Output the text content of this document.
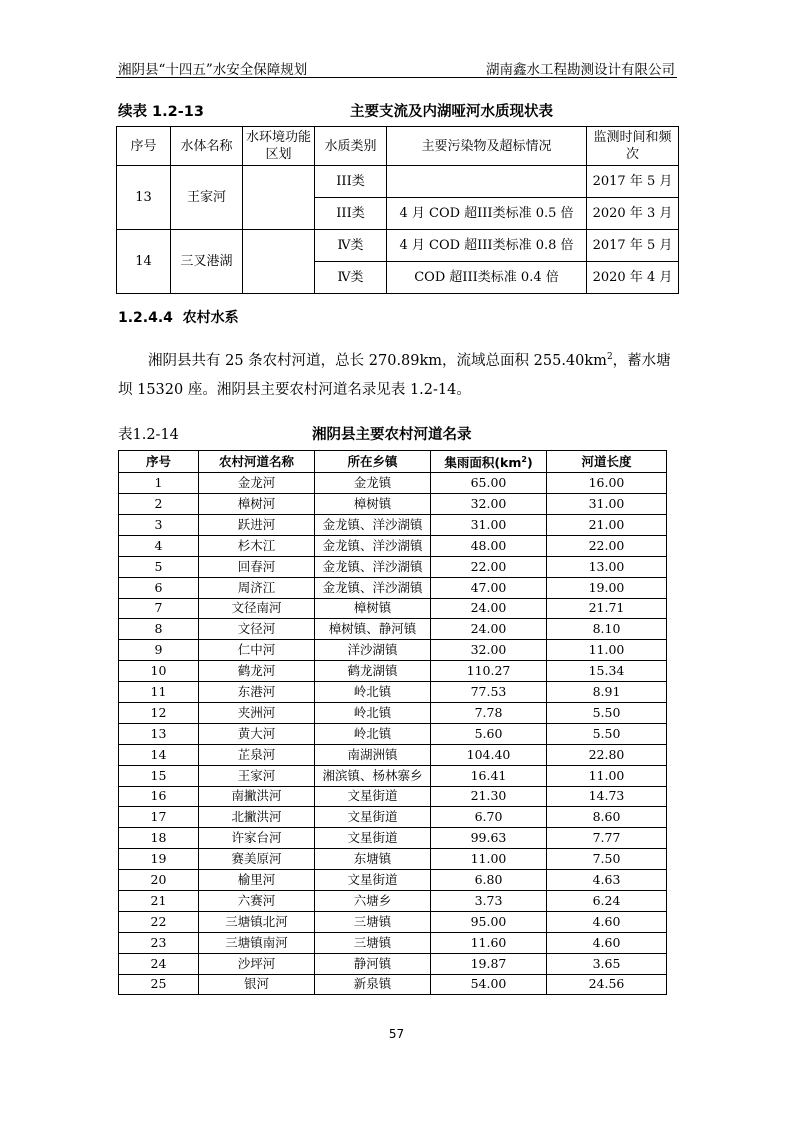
湘阴县“十四五”水安全保障规划	湖南鑫水工程勘测设计有限公司
续表 1.2-13	主要支流及内湖哑河水质现状表
序号	水体名称	水环境功能区划	水质类别	主要污染物及超标情况	监测时间和频次
13	王家河		III类		2017 年 5 月
			III类	4 月 COD 超III类标准 0.5 倍	2020 年 3 月
14	三叉港湖		Ⅳ类	4 月 COD 超III类标准 0.8 倍	2017 年 5 月
			Ⅳ类	COD 超III类标准 0.4 倍	2020 年 4 月
1.2.4.4 农村水系
湘阴县共有 25 条农村河道，总长 270.89km，流域总面积 $255.40km^2$，蓄水塘坝 15320 座。湘阴县主要农村河道名录见表 1.2-14。
表1.2-14	湘阴县主要农村河道名录
序号	农村河道名称	所在乡镇	集雨面积$(km^2)$	河道长度
1	金龙河	金龙镇	65.00	16.00
2	樟树河	樟树镇	32.00	31.00
3	跃进河	金龙镇、洋沙湖镇	31.00	21.00
4	杉木江	金龙镇、洋沙湖镇	48.00	22.00
5	回春河	金龙镇、洋沙湖镇	22.00	13.00
6	周济江	金龙镇、洋沙湖镇	47.00	19.00
7	文径南河	樟树镇	24.00	21.71
8	文径河	樟树镇、静河镇	24.00	8.10
9	仁中河	洋沙湖镇	32.00	11.00
10	鹤龙河	鹤龙湖镇	110.27	15.34
11	东港河	岭北镇	77.53	8.91
12	夹洲河	岭北镇	7.78	5.50
13	黄大河	岭北镇	5.60	5.50
14	芷泉河	南湖洲镇	104.40	22.80
15	王家河	湘滨镇、杨林寨乡	16.41	11.00
16	南撇洪河	文星街道	21.30	14.73
17	北撇洪河	文星街道	6.70	8.60
18	许家台河	文星街道	99.63	7.77
19	赛美原河	东塘镇	11.00	7.50
20	榆里河	文星街道	6.80	4.63
21	六赛河	六塘乡	3.73	6.24
22	三塘镇北河	三塘镇	95.00	4.60
23	三塘镇南河	三塘镇	11.60	4.60
24	沙坪河	静河镇	19.87	3.65
25	银河	新泉镇	54.00	24.56
57
